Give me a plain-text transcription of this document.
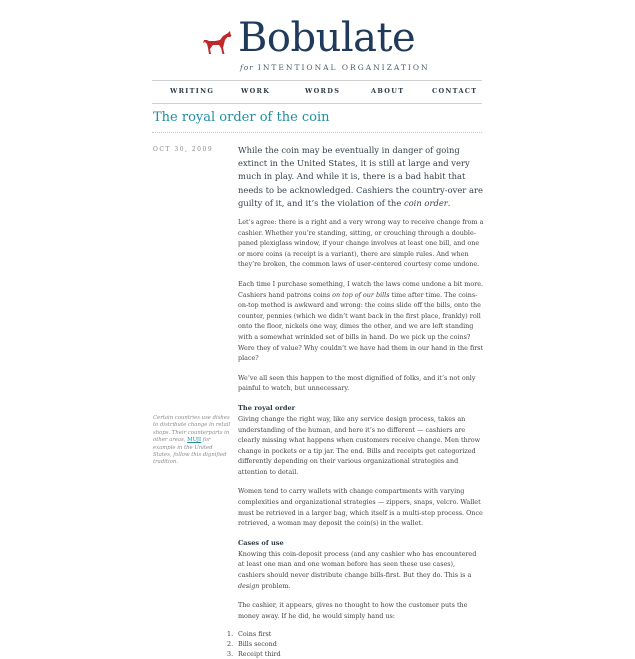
Bobulate
for INTENTIONAL ORGANIZATION
WRITING	WORK	WORDS	ABOUT	CONTACT
The royal order of the coin
OCT 30, 2009
Certain countries use dishes to distribute change in retail shops. Their counterparts in other areas, MUJI for example in the United States, follow this dignified tradition.

While the coin may be eventually in danger of going extinct in the United States, it is still at large and very much in play. And while it is, there is a bad habit that needs to be acknowledged. Cashiers the country-over are guilty of it, and it’s the violation of the coin order.

Let’s agree: there is a right and a very wrong way to receive change from a cashier. Whether you’re standing, sitting, or crouching through a double-paned plexiglass window, if your change involves at least one bill, and one or more coins (a receipt is a variant), there are simple rules. And when they’re broken, the common laws of user-centered courtesy come undone.

Each time I purchase something, I watch the laws come undone a bit more. Cashiers hand patrons coins on top of our bills time after time. The coins-on-top method is awkward and wrong: the coins slide off the bills, onto the counter, pennies (which we didn’t want back in the first place, frankly) roll onto the floor, nickels one way, dimes the other, and we are left standing with a somewhat wrinkled set of bills in hand. Do we pick up the coins? Were they of value? Why couldn’t we have had them in our hand in the first place?

We’ve all seen this happen to the most dignified of folks, and it’s not only painful to watch, but unnecessary.

The royal order

Giving change the right way, like any service design process, takes an understanding of the human, and here it’s no different — cashiers are clearly missing what happens when customers receive change. Men throw change in pockets or a tip jar. The end. Bills and receipts get categorized differently depending on their various organizational strategies and attention to detail.

Women tend to carry wallets with change compartments with varying complexities and organizational strategies — zippers, snaps, velcro. Wallet must be retrieved in a larger bag, which itself is a multi-step process. Once retrieved, a woman may deposit the coin(s) in the wallet.

Cases of use

Knowing this coin-deposit process (and any cashier who has encountered at least one man and one woman before has seen these use cases), cashiers should never distribute change bills-first. But they do. This is a design problem.

The cashier, it appears, gives no thought to how the customer puts the money away. If he did, he would simply hand us:

1. Coins first
2. Bills second
3. Receipt third
